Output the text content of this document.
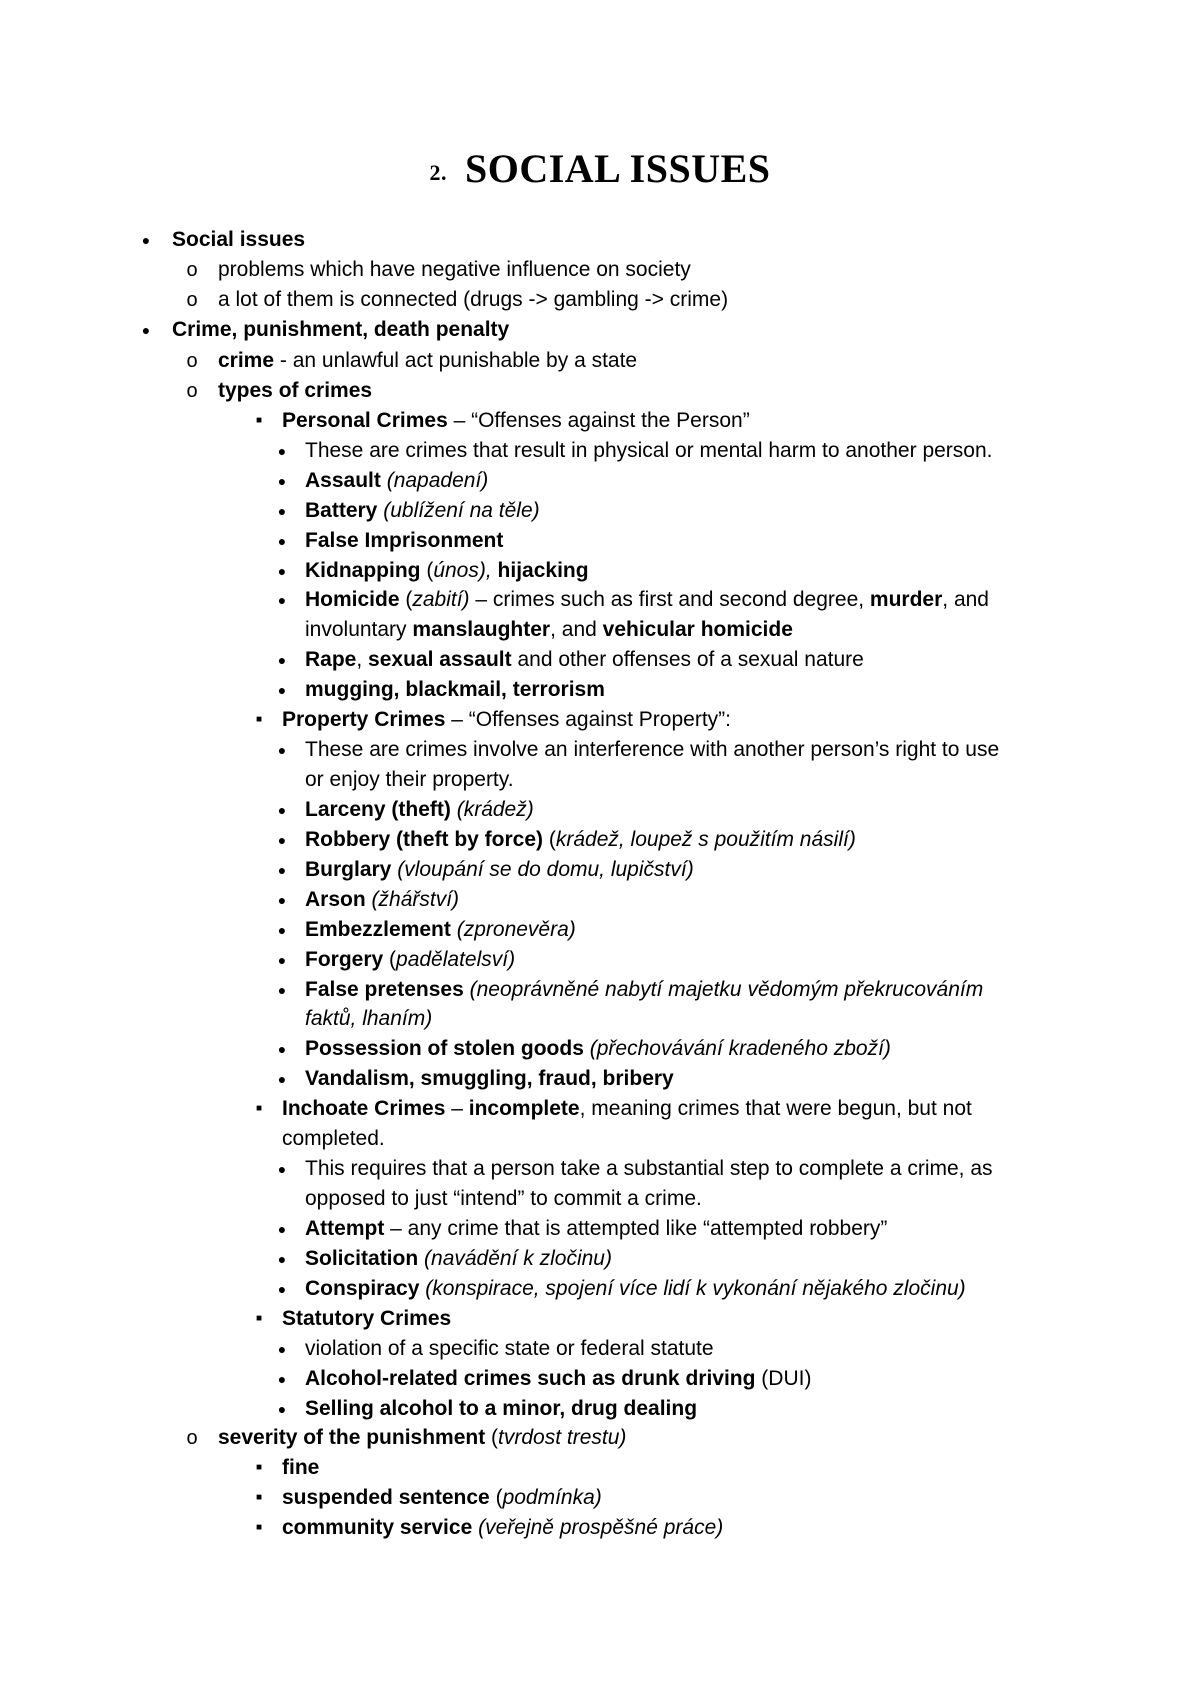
2. SOCIAL ISSUES
● Social issues
o problems which have negative influence on society
o a lot of them is connected (drugs -> gambling -> crime)
● Crime, punishment, death penalty
o crime - an unlawful act punishable by a state
o types of crimes
■ Personal Crimes – “Offenses against the Person”
● These are crimes that result in physical or mental harm to another person.
● Assault (napadení)
● Battery (ublížení na těle)
● False Imprisonment
● Kidnapping (únos), hijacking
● Homicide (zabití) – crimes such as first and second degree, murder, and
involuntary manslaughter, and vehicular homicide
● Rape, sexual assault and other offenses of a sexual nature
● mugging, blackmail, terrorism
■ Property Crimes – “Offenses against Property”:
● These are crimes involve an interference with another person’s right to use
or enjoy their property.
● Larceny (theft) (krádež)
● Robbery (theft by force) (krádež, loupež s použitím násilí)
● Burglary (vloupání se do domu, lupičství)
● Arson (žhářství)
● Embezzlement (zpronevěra)
● Forgery (padělatelsví)
● False pretenses (neoprávněné nabytí majetku vědomým překrucováním
faktů, lhaním)
● Possession of stolen goods (přechovávání kradeného zboží)
● Vandalism, smuggling, fraud, bribery
■ Inchoate Crimes – incomplete, meaning crimes that were begun, but not
completed.
● This requires that a person take a substantial step to complete a crime, as
opposed to just “intend” to commit a crime.
● Attempt – any crime that is attempted like “attempted robbery”
● Solicitation (navádění k zločinu)
● Conspiracy (konspirace, spojení více lidí k vykonání nějakého zločinu)
■ Statutory Crimes
● violation of a specific state or federal statute
● Alcohol-related crimes such as drunk driving (DUI)
● Selling alcohol to a minor, drug dealing
o severity of the punishment (tvrdost trestu)
■ fine
■ suspended sentence (podmínka)
■ community service (veřejně prospěšné práce)
